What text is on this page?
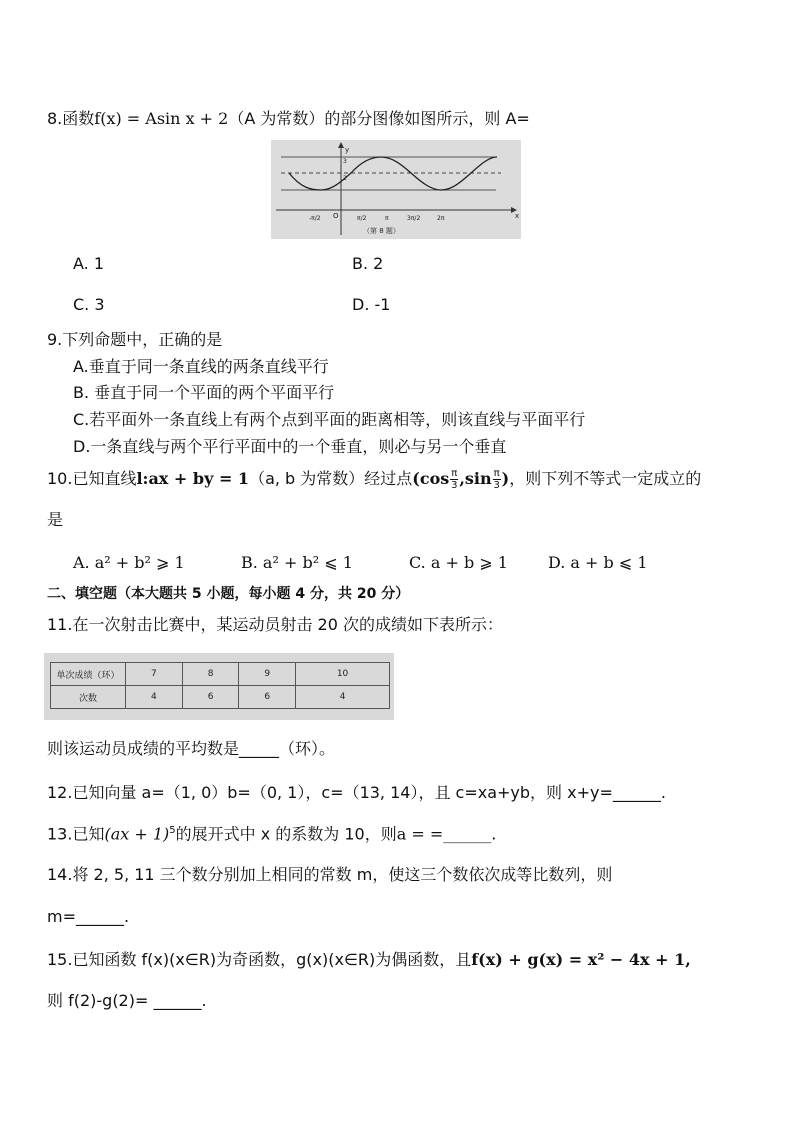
8.函数f(x) = Asin x + 2（A 为常数）的部分图像如图所示，则 A=
y
x
O
3
2
-π/2	π/2	π	3π/2	2π
（第 8 题）
A. 1	B. 2
C. 3	D. -1
9.下列命题中，正确的是
A.垂直于同一条直线的两条直线平行
B. 垂直于同一个平面的两个平面平行
C.若平面外一条直线上有两个点到平面的距离相等，则该直线与平面平行
D.一条直线与两个平行平面中的一个垂直，则必与另一个垂直
10.已知直线l:ax + by = 1（a, b 为常数）经过点($\cos \frac{\pi}{3} ,\sin \frac{\pi}{3}$ )，则下列不等式一定成立的
是
A. a² + b² ⩾ 1	B. a² + b² ⩽ 1	C. a + b ⩾ 1	D. a + b ⩽ 1
二、填空题（本大题共 5 小题，每小题 4 分，共 20 分）
11.在一次射击比赛中，某运动员射击 20 次的成绩如下表所示：
单次成绩（环）	7	8	9	10
次数	4	6	6	4
则该运动员成绩的平均数是_____（环）。
12.已知向量 a=（1, 0）b=（0, 1），c=（13, 14），且 c=xa+yb，则 x+y=______.
13.已知(ax + 1)$^5$的展开式中 x 的系数为 10，则a = =______.
14.将 2, 5, 11 三个数分别加上相同的常数 m，使这三个数依次成等比数列，则
m=______.
15.已知函数 f(x)(x∈R)为奇函数，g(x)(x∈R)为偶函数，且f(x) + g(x) = x² − 4x + 1,
则 f(2)-g(2)= ______.
